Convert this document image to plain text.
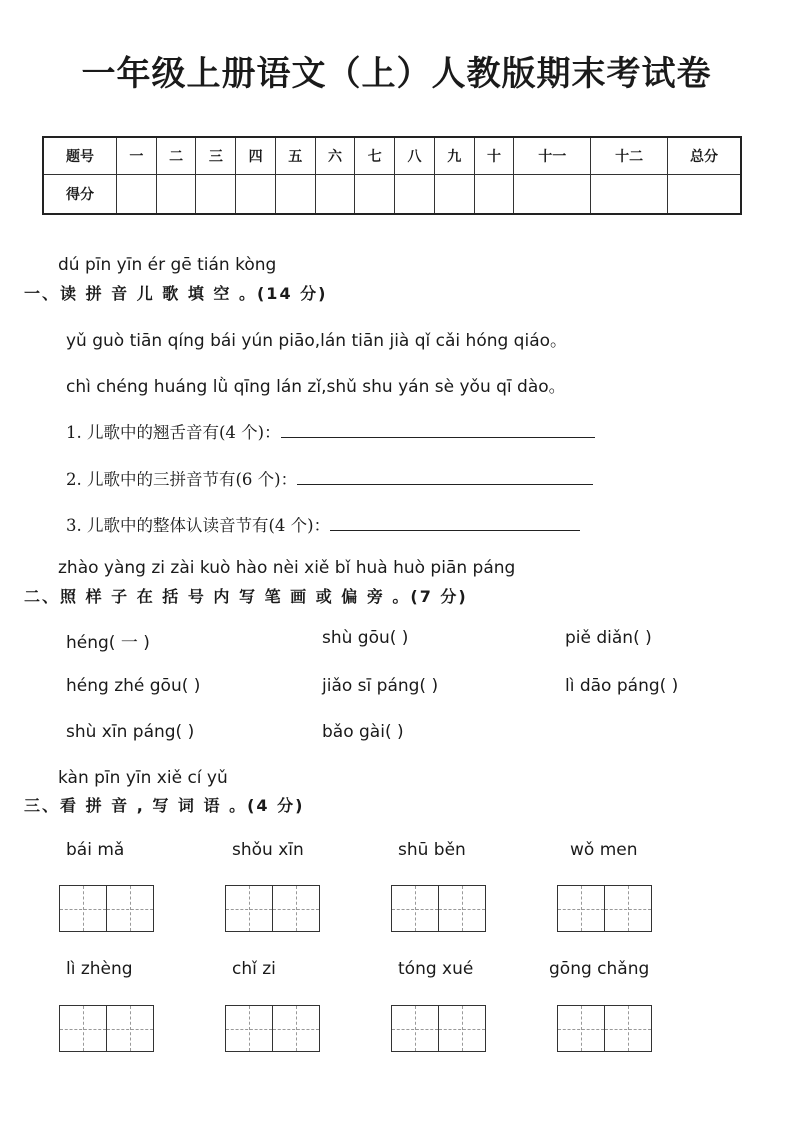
一年级上册语文（上）人教版期末考试卷
题号	一	二	三	四	五	六	七	八	九	十	十一	十二	总分
得分													

dú pīn yīn ér gē tián kòng

一、读 拼 音 儿 歌 填 空 。(14 分)

yǔ guò tiān qíng bái yún piāo,lán tiān jià qǐ cǎi hóng qiáo。

chì chéng huáng lǜ qīng lán zǐ,shǔ shu yán sè yǒu qī dào。

1. 儿歌中的翘舌音有(4 个)：

2. 儿歌中的三拼音节有(6 个)：

3. 儿歌中的整体认读音节有(4 个)：

zhào yàng zi zài kuò hào nèi xiě bǐ huà huò piān páng

二、照 样 子 在 括 号 内 写 笔 画 或 偏 旁 。(7 分)

héng( 一 )	shù gōu( )	piě diǎn( )

héng zhé gōu( )	jiǎo sī páng( )	lì dāo páng( )

shù xīn páng( )	bǎo gài( )

kàn pīn yīn xiě cí yǔ

三、看 拼 音 , 写 词 语 。(4 分)

bái mǎ	shǒu xīn	shū běn	wǒ men

lì zhèng	chǐ zi	tóng xué	gōng chǎng
